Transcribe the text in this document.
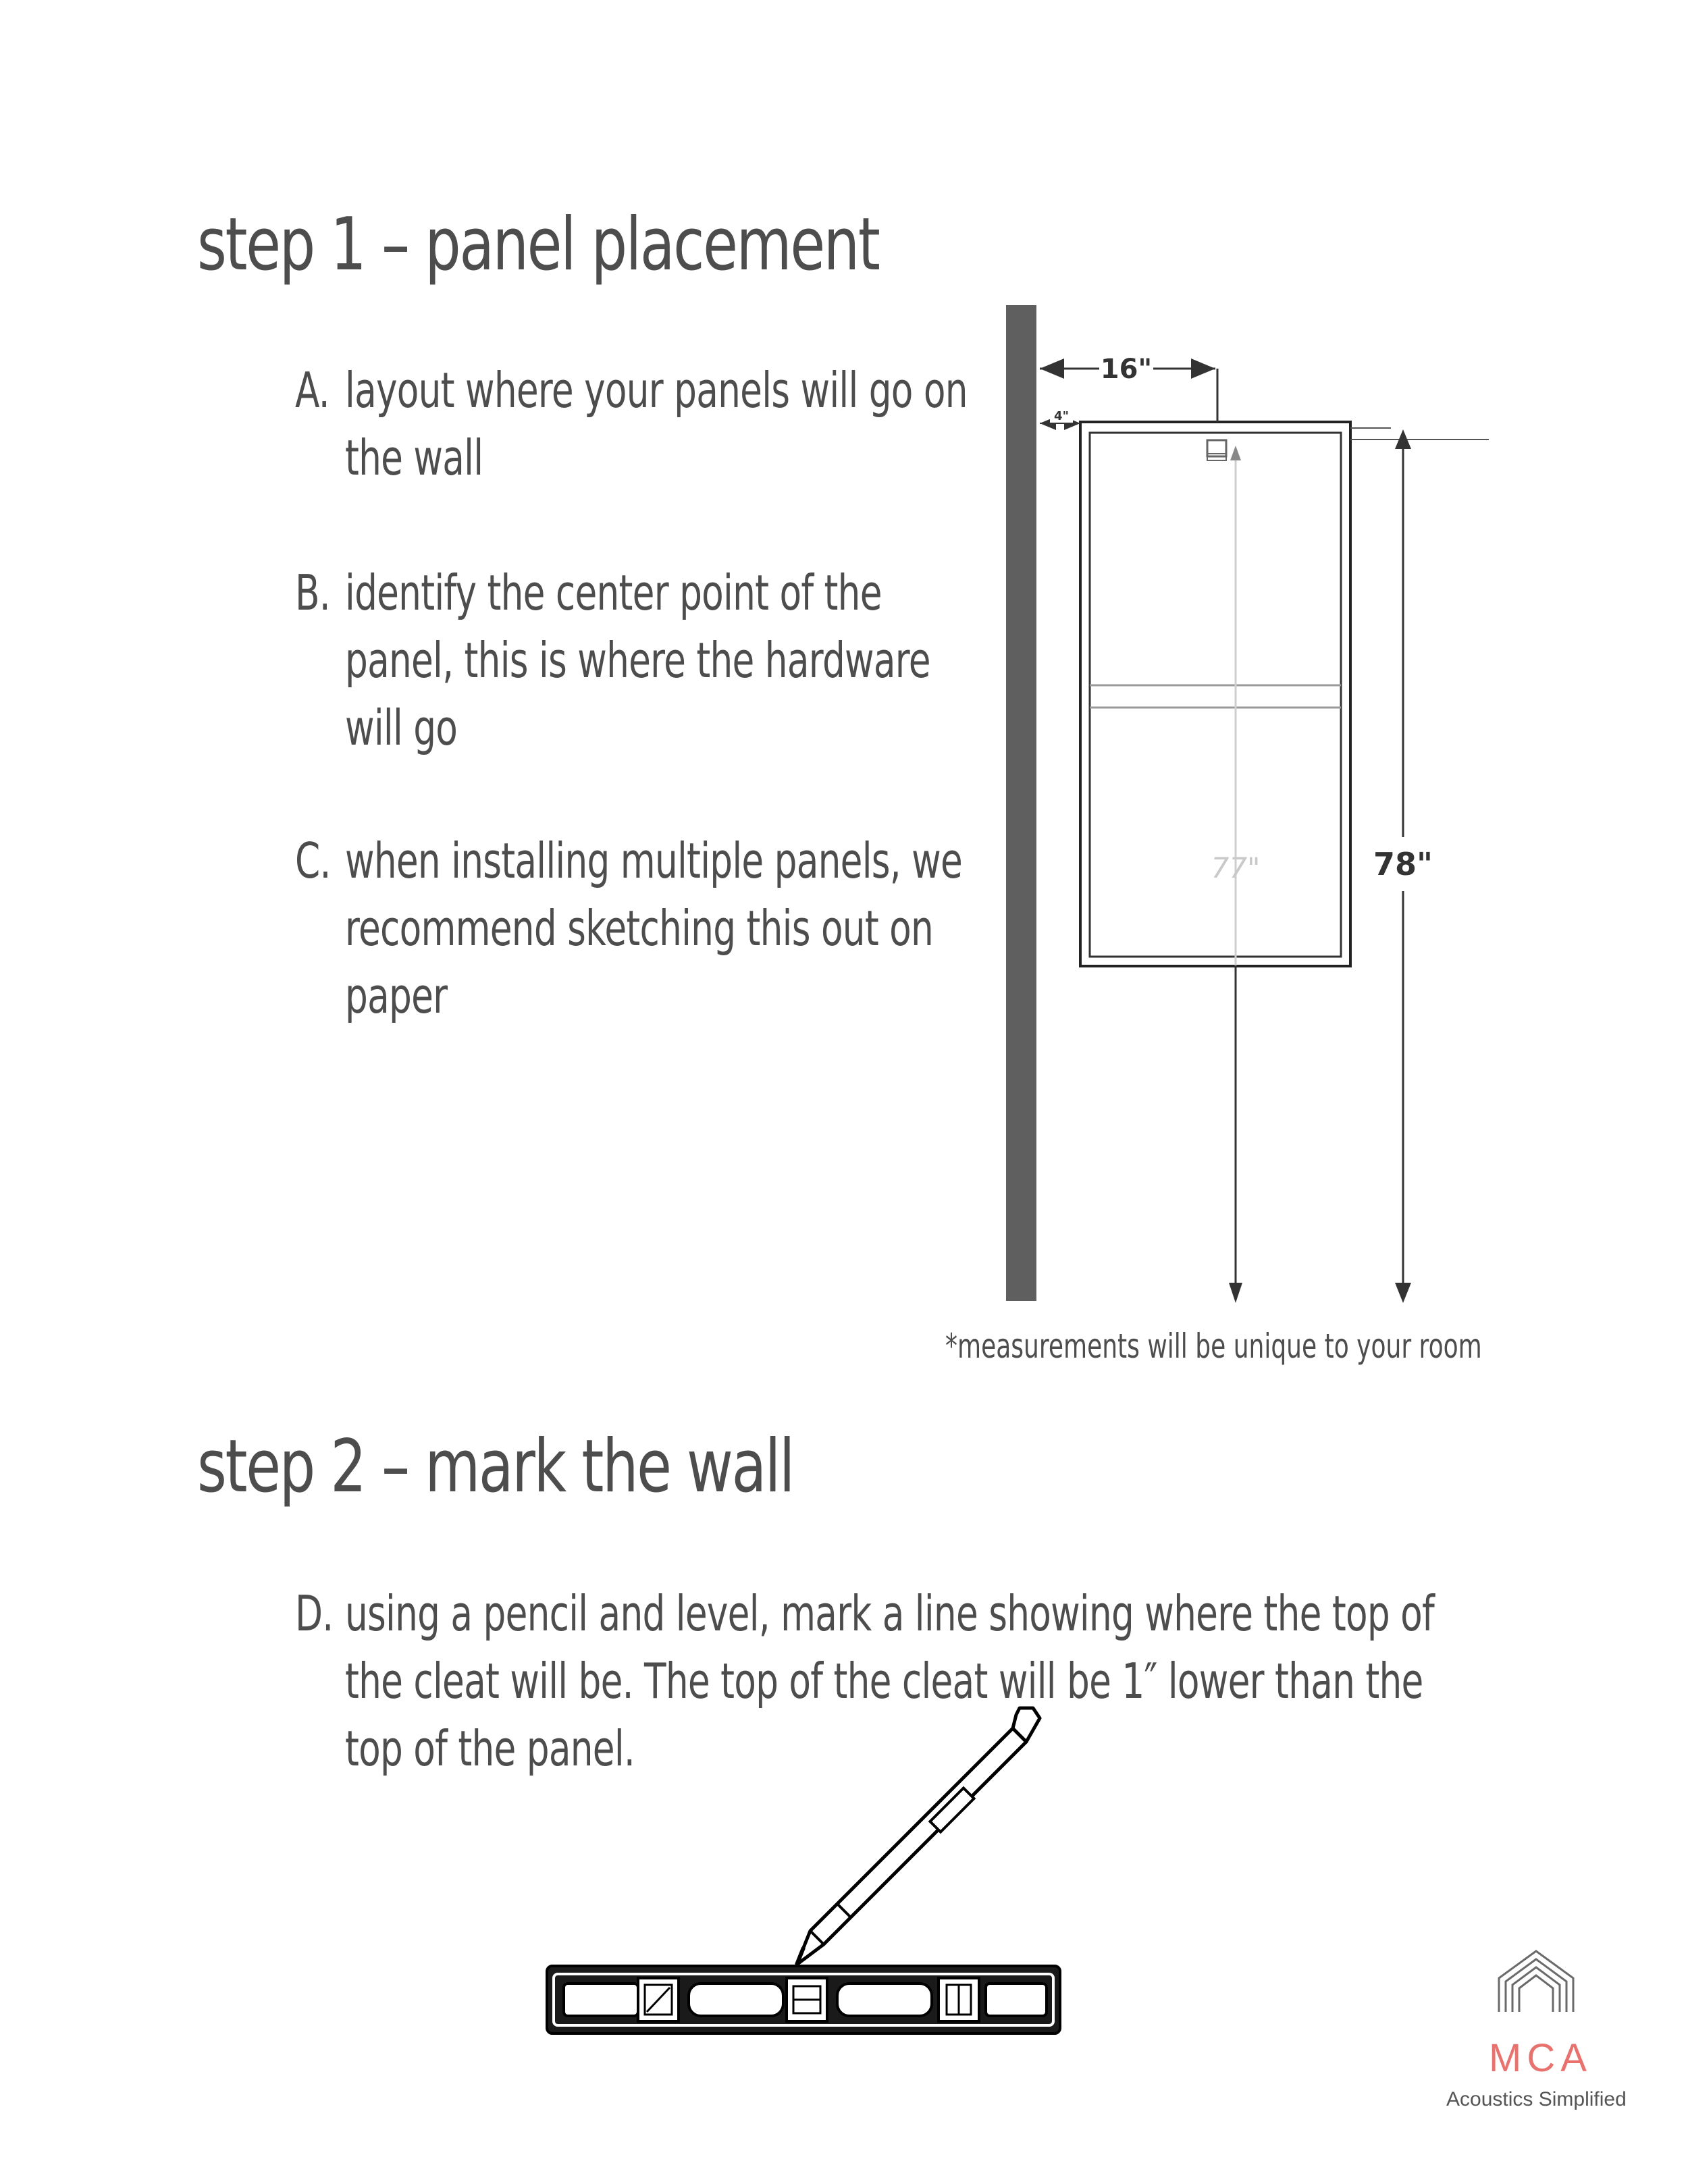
step 1 – panel placement
A. layout where your panels will go on
the wall
B. identify the center point of the
panel, this is where the hardware
will go
C. when installing multiple panels, we
recommend sketching this out on
paper
16"
4"
77"	78"
*measurements will be unique to your room
step 2 – mark the wall
D. using a pencil and level, mark a line showing where the top of
the cleat will be. The top of the cleat will be 1″ lower than the
top of the panel.
MCA
Acoustics Simplified
